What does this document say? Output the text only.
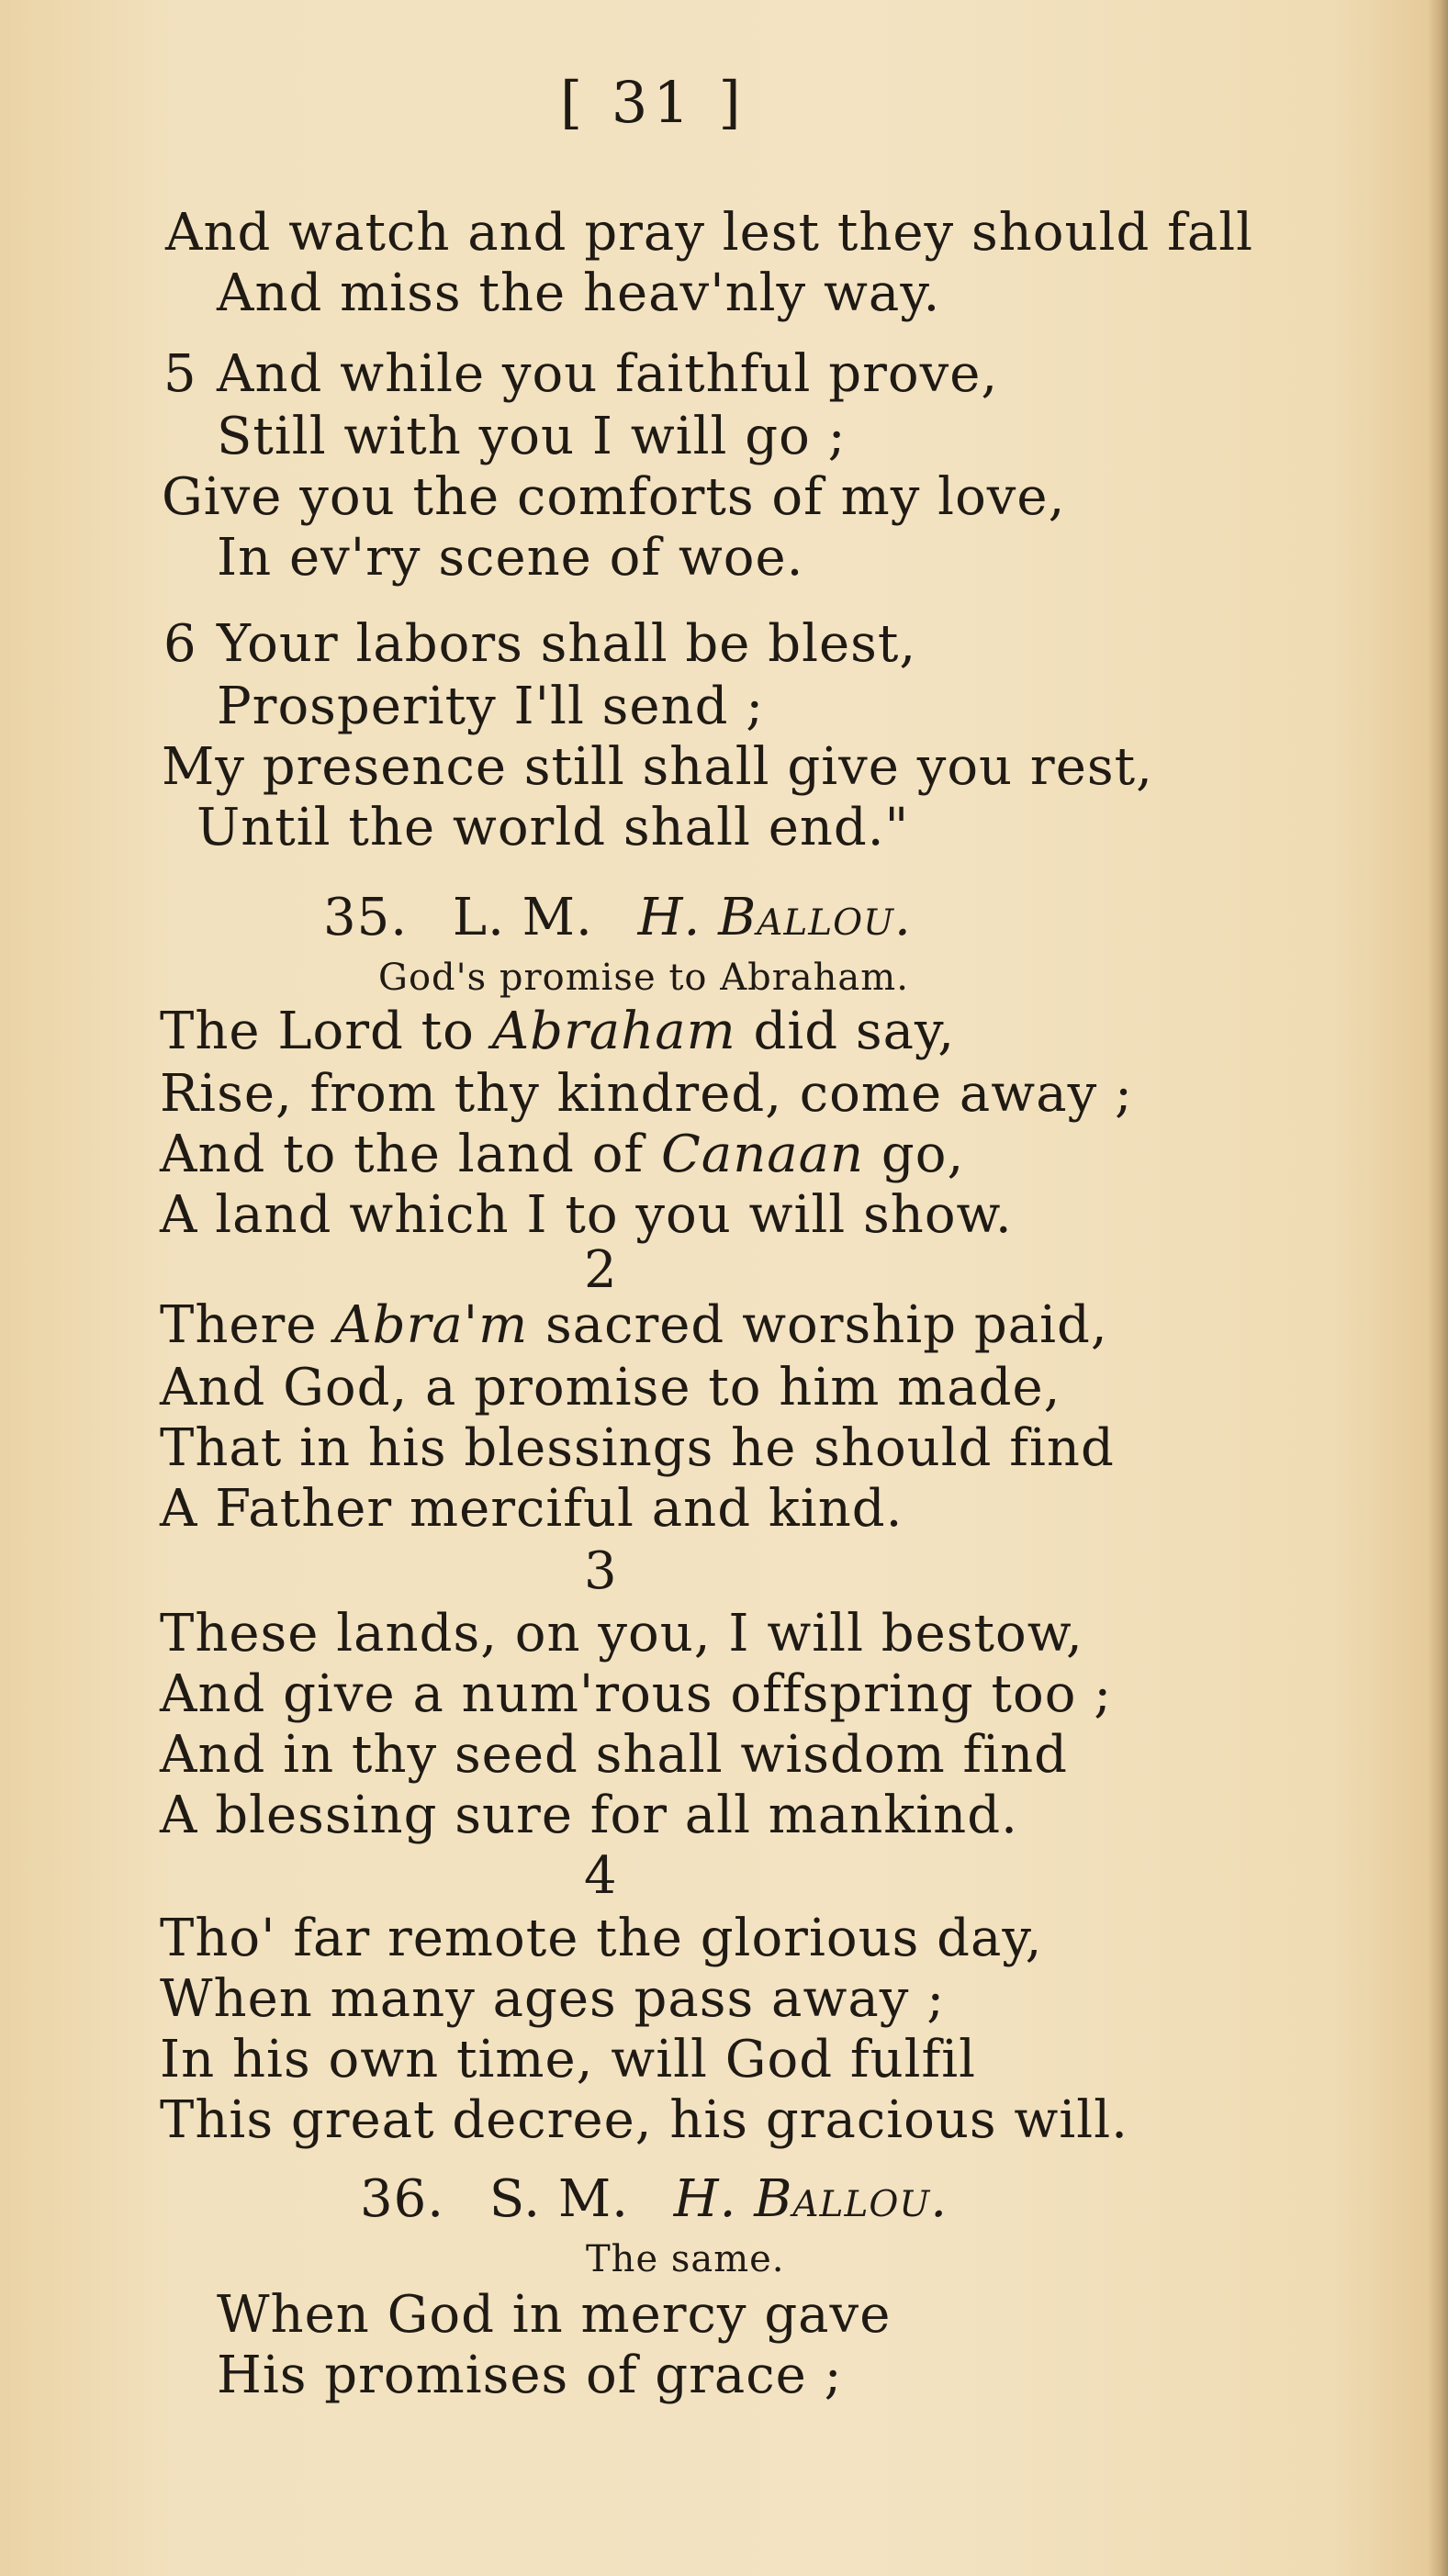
[ 31 ]
And watch and pray lest they should fall
And miss the heav'nly way.
5 And while you faithful prove,
Still with you I will go ;
Give you the comforts of my love,
In ev'ry scene of woe.
6 Your labors shall be blest,
Prosperity I'll send ;
My presence still shall give you rest,
Until the world shall end."
35. L. M. H. Ballou.
God's promise to Abraham.
The Lord to Abraham did say,
Rise, from thy kindred, come away ;
And to the land of Canaan go,
A land which I to you will show.
2
There Abra'm sacred worship paid,
And God, a promise to him made,
That in his blessings he should find
A Father merciful and kind.
3
These lands, on you, I will bestow,
And give a num'rous offspring too ;
And in thy seed shall wisdom find
A blessing sure for all mankind.
4
Tho' far remote the glorious day,
When many ages pass away ;
In his own time, will God fulfil
This great decree, his gracious will.
36. S. M. H. Ballou.
The same.
When God in mercy gave
His promises of grace ;
